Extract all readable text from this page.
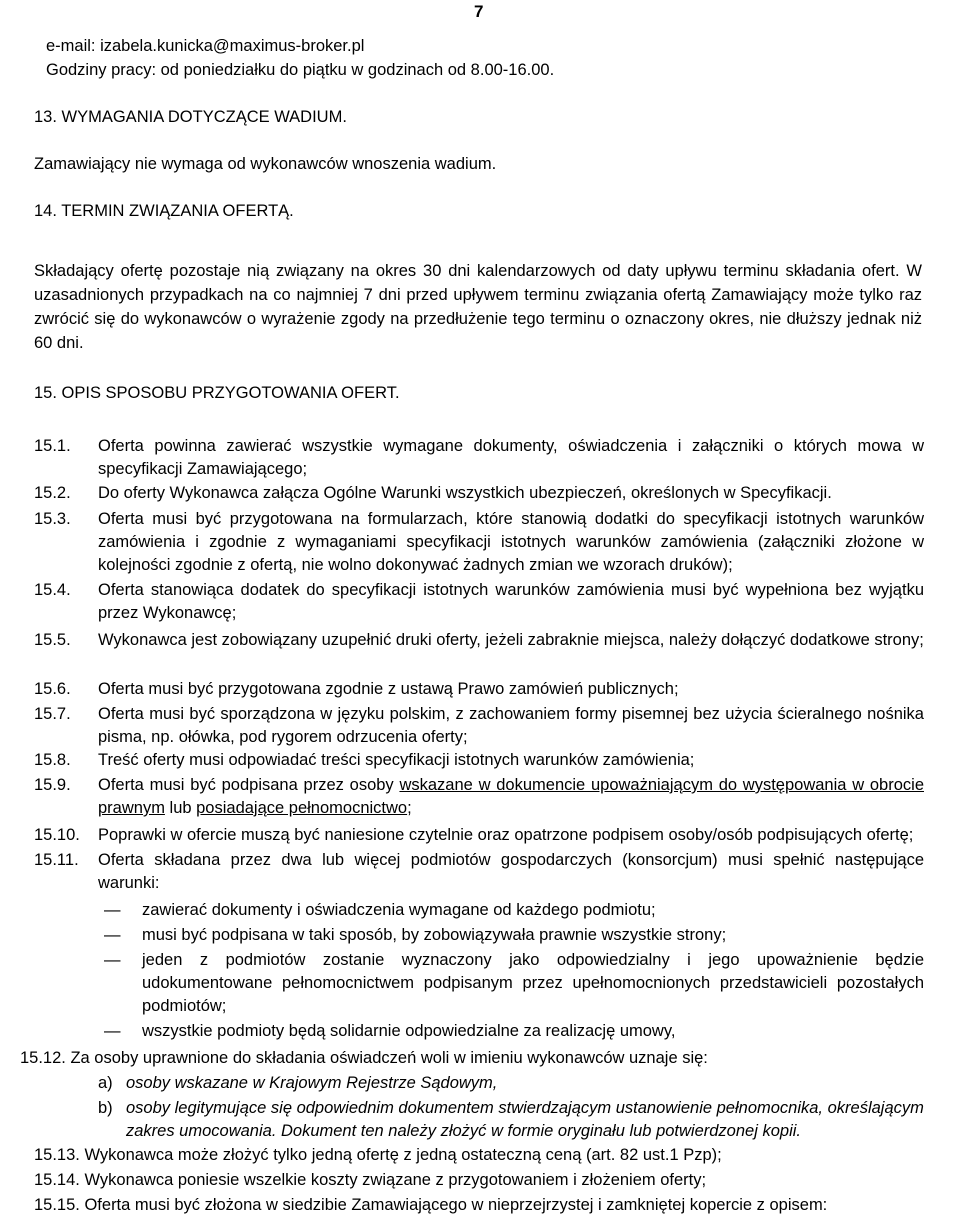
7
e-mail: izabela.kunicka@maximus-broker.pl
Godziny pracy: od poniedziałku do piątku w godzinach od 8.00-16.00.
13. WYMAGANIA DOTYCZĄCE WADIUM.
Zamawiający nie wymaga od wykonawców wnoszenia wadium.
14. TERMIN ZWIĄZANIA OFERTĄ.
Składający ofertę pozostaje nią związany na okres 30 dni kalendarzowych od daty upływu terminu składania ofert. W uzasadnionych przypadkach na co najmniej 7 dni przed upływem terminu związania ofertą Zamawiający może tylko raz zwrócić się do wykonawców o wyrażenie zgody na przedłużenie tego terminu o oznaczony okres, nie dłuższy jednak niż 60 dni.
15. OPIS SPOSOBU PRZYGOTOWANIA OFERT.
15.1. Oferta powinna zawierać wszystkie wymagane dokumenty, oświadczenia i załączniki o których mowa w specyfikacji Zamawiającego;
15.2. Do oferty Wykonawca załącza Ogólne Warunki wszystkich ubezpieczeń, określonych w Specyfikacji.
15.3. Oferta musi być przygotowana na formularzach, które stanowią dodatki do specyfikacji istotnych warunków zamówienia i zgodnie z wymaganiami specyfikacji istotnych warunków zamówienia (załączniki złożone w kolejności zgodnie z ofertą, nie wolno dokonywać żadnych zmian we wzorach druków);
15.4. Oferta stanowiąca dodatek do specyfikacji istotnych warunków zamówienia musi być wypełniona bez wyjątku przez Wykonawcę;
15.5. Wykonawca jest zobowiązany uzupełnić druki oferty, jeżeli zabraknie miejsca, należy dołączyć dodatkowe strony;
15.6. Oferta musi być przygotowana zgodnie z ustawą Prawo zamówień publicznych;
15.7. Oferta musi być sporządzona w języku polskim, z zachowaniem formy pisemnej bez użycia ścieralnego nośnika pisma, np. ołówka, pod rygorem odrzucenia oferty;
15.8. Treść oferty musi odpowiadać treści specyfikacji istotnych warunków zamówienia;
15.9. Oferta musi być podpisana przez osoby wskazane w dokumencie upoważniającym do występowania w obrocie prawnym lub posiadające pełnomocnictwo;
15.10. Poprawki w ofercie muszą być naniesione czytelnie oraz opatrzone podpisem osoby/osób podpisujących ofertę;
15.11. Oferta składana przez dwa lub więcej podmiotów gospodarczych (konsorcjum) musi spełnić następujące warunki:
— zawierać dokumenty i oświadczenia wymagane od każdego podmiotu;
— musi być podpisana w taki sposób, by zobowiązywała prawnie wszystkie strony;
— jeden z podmiotów zostanie wyznaczony jako odpowiedzialny i jego upoważnienie będzie udokumentowane pełnomocnictwem podpisanym przez upełnomocnionych przedstawicieli pozostałych podmiotów;
— wszystkie podmioty będą solidarnie odpowiedzialne za realizację umowy,
15.12. Za osoby uprawnione do składania oświadczeń woli w imieniu wykonawców uznaje się:
a) osoby wskazane w Krajowym Rejestrze Sądowym,
b) osoby legitymujące się odpowiednim dokumentem stwierdzającym ustanowienie pełnomocnika, określającym zakres umocowania. Dokument ten należy złożyć w formie oryginału lub potwierdzonej kopii.
15.13. Wykonawca może złożyć tylko jedną ofertę z jedną ostateczną ceną (art. 82 ust.1 Pzp);
15.14. Wykonawca poniesie wszelkie koszty związane z przygotowaniem i złożeniem oferty;
15.15. Oferta musi być złożona w siedzibie Zamawiającego w nieprzejrzystej i zamkniętej kopercie z opisem:
